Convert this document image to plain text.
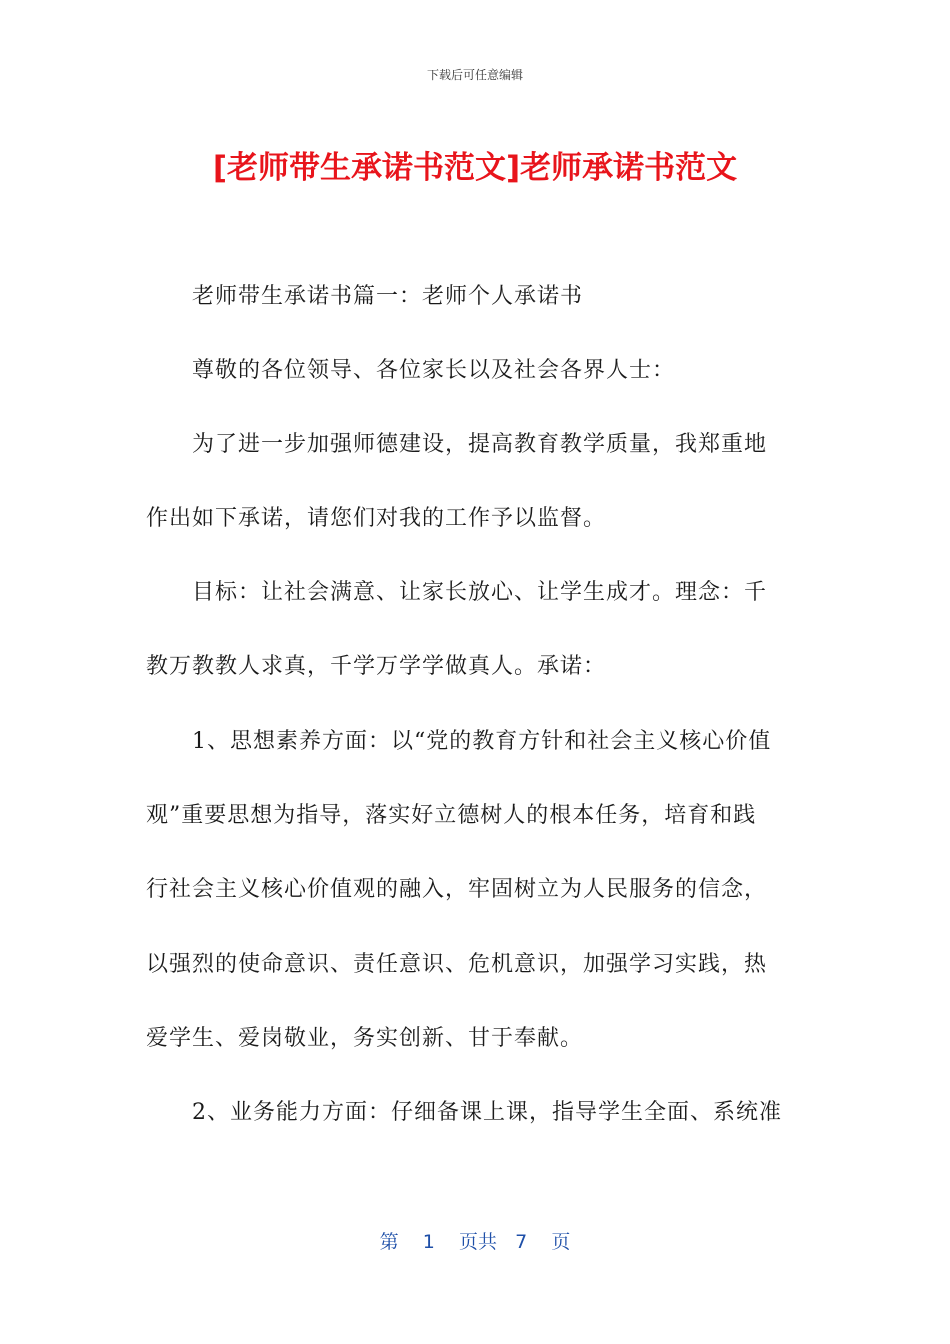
下载后可任意编辑
[老师带生承诺书范文]老师承诺书范文
老师带生承诺书篇一：老师个人承诺书
尊敬的各位领导、各位家长以及社会各界人士：
为了进一步加强师德建设，提高教育教学质量，我郑重地
作出如下承诺，请您们对我的工作予以监督。
目标：让社会满意、让家长放心、让学生成才。理念：千
教万教教人求真，千学万学学做真人。承诺：
1、思想素养方面：以“党的教育方针和社会主义核心价值
观”重要思想为指导，落实好立德树人的根本任务，培育和践
行社会主义核心价值观的融入，牢固树立为人民服务的信念，
以强烈的使命意识、责任意识、危机意识，加强学习实践，热
爱学生、爱岗敬业，务实创新、甘于奉献。
2、业务能力方面：仔细备课上课，指导学生全面、系统准
第 1 页共 7 页
